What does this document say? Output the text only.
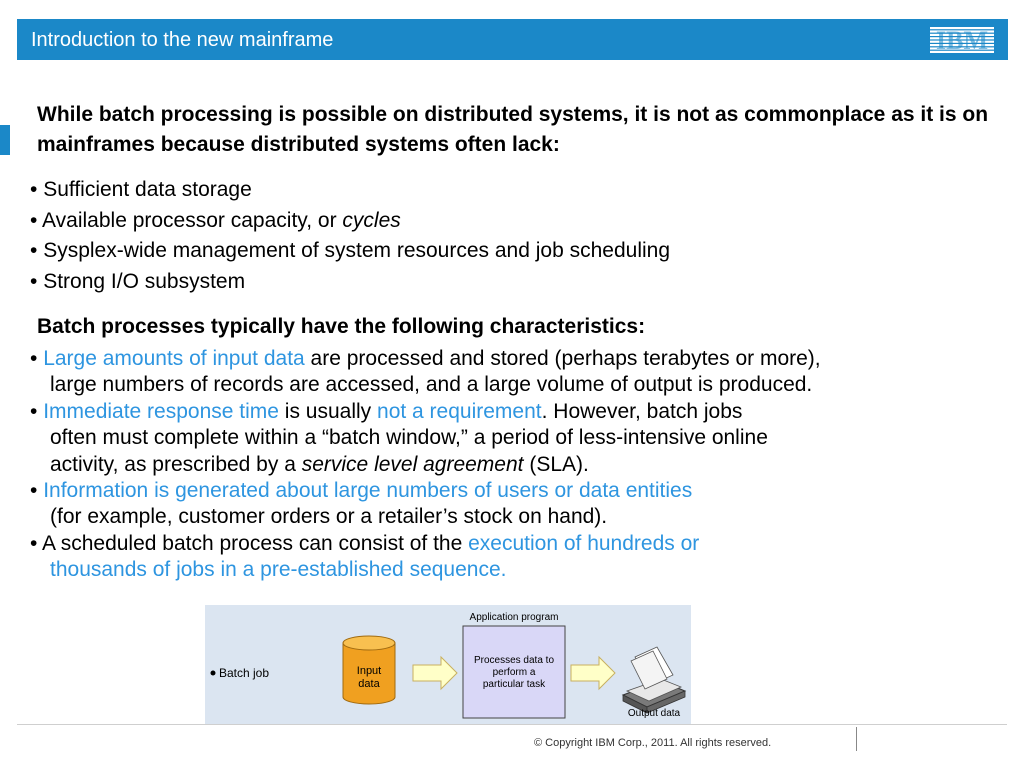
Introduction to the new mainframe	IBM
While batch processing is possible on distributed systems, it is not as commonplace as it is on mainframes because distributed systems often lack:
• Sufficient data storage
• Available processor capacity, or cycles
• Sysplex-wide management of system resources and job scheduling
• Strong I/O subsystem
Batch processes typically have the following characteristics:
• Large amounts of input data are processed and stored (perhaps terabytes or more),
large numbers of records are accessed, and a large volume of output is produced.
• Immediate response time is usually not a requirement. However, batch jobs
often must complete within a “batch window,” a period of less-intensive online
activity, as prescribed by a service level agreement (SLA).
• Information is generated about large numbers of users or data entities
(for example, customer orders or a retailer’s stock on hand).
• A scheduled batch process can consist of the execution of hundreds or
thousands of jobs in a pre-established sequence.
Batch job	Input
data
Application program
Processes data to
perform a
particular task
Output data
© Copyright IBM Corp., 2011. All rights reserved.
